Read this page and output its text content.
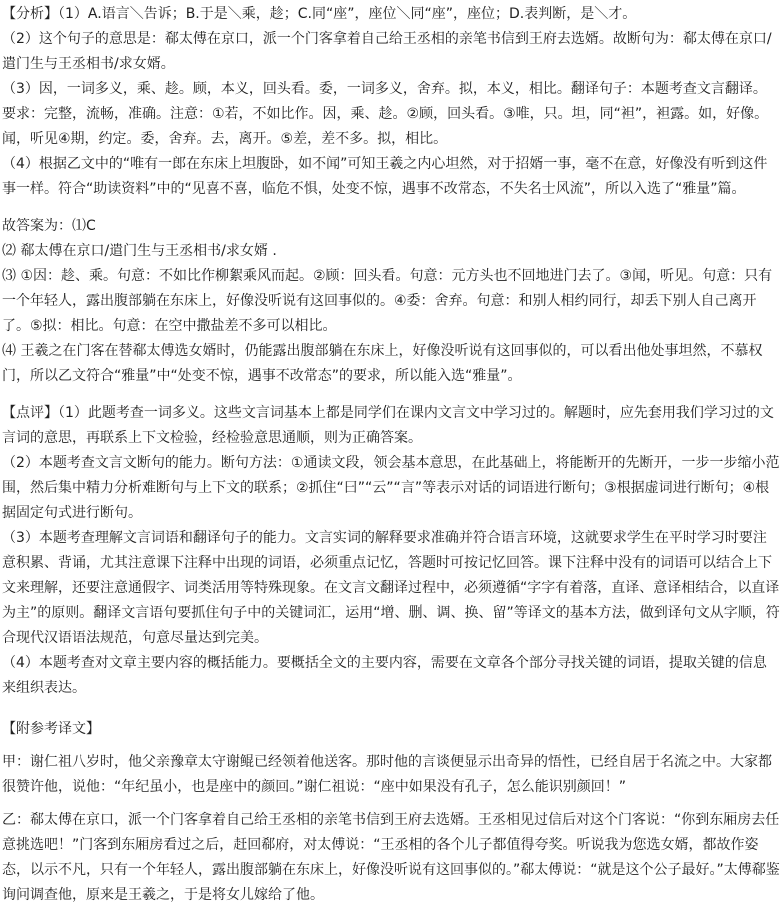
【分析】（1）A.语言＼告诉；B.于是＼乘，趁；C.同“座”，座位＼同“座”，座位；D.表判断，是＼才。

（2）这个句子的意思是：郗太傅在京口，派一个门客拿着自己给王丞相的亲笔书信到王府去选婿。故断句为：郗太傅在京口/遣门生与王丞相书/求女婿。

（3）因，一词多义，乘、趁。顾，本义，回头看。委，一词多义，舍弃。拟，本义，相比。翻译句子：本题考查文言翻译。要求：完整，流畅，准确。注意：①若，不如比作。因，乘、趁。②顾，回头看。③唯，只。坦，同“袒”，袒露。如，好像。闻，听见④期，约定。委，舍弃。去，离开。⑤差，差不多。拟，相比。

（4）根据乙文中的“唯有一郎在东床上坦腹卧，如不闻”可知王羲之内心坦然，对于招婿一事，毫不在意，好像没有听到这件事一样。符合“助读资料”中的“见喜不喜，临危不惧，处变不惊，遇事不改常态，不失名士风流”，所以入选了“雅量”篇。

故答案为：⑴C

⑵ 郗太傅在京口/遣门生与王丞相书/求女婿 .

⑶ ①因：趁、乘。句意：不如比作柳絮乘风而起。②顾：回头看。句意：元方头也不回地进门去了。③闻，听见。句意：只有一个年轻人，露出腹部躺在东床上，好像没听说有这回事似的。④委：舍弃。句意：和别人相约同行，却丢下别人自己离开了。⑤拟：相比。句意：在空中撒盐差不多可以相比。

⑷ 王羲之在门客在替郗太傅选女婿时，仍能露出腹部躺在东床上，好像没听说有这回事似的，可以看出他处事坦然，不慕权门，所以乙文符合“雅量”中“处变不惊，遇事不改常态”的要求，所以能入选“雅量”。

【点评】（1）此题考查一词多义。这些文言词基本上都是同学们在课内文言文中学习过的。解题时，应先套用我们学习过的文言词的意思，再联系上下文检验，经检验意思通顺，则为正确答案。

（2）本题考查文言文断句的能力。断句方法：①通读文段，领会基本意思，在此基础上，将能断开的先断开，一步一步缩小范围，然后集中精力分析难断句与上下文的联系；②抓住“曰”“云”“言”等表示对话的词语进行断句；③根据虚词进行断句；④根据固定句式进行断句。

（3）本题考查理解文言词语和翻译句子的能力。文言实词的解释要求准确并符合语言环境，这就要求学生在平时学习时要注意积累、背诵，尤其注意课下注释中出现的词语，必须重点记忆，答题时可按记忆回答。课下注释中没有的词语可以结合上下文来理解，还要注意通假字、词类活用等特殊现象。在文言文翻译过程中，必须遵循“字字有着落，直译、意译相结合，以直译为主”的原则。翻译文言语句要抓住句子中的关键词汇，运用“增、删、调、换、留”等译文的基本方法，做到译句文从字顺，符合现代汉语语法规范，句意尽量达到完美。

（4）本题考查对文章主要内容的概括能力。要概括全文的主要内容，需要在文章各个部分寻找关键的词语，提取关键的信息来组织表达。

【附参考译文】

甲：谢仁祖八岁时，他父亲豫章太守谢鲲已经领着他送客。那时他的言谈便显示出奇异的悟性，已经自居于名流之中。大家都很赞许他，说他：“年纪虽小，也是座中的颜回。”谢仁祖说：“座中如果没有孔子，怎么能识别颜回！”

乙：郗太傅在京口，派一个门客拿着自己给王丞相的亲笔书信到王府去选婿。王丞相见过信后对这个门客说：“你到东厢房去任意挑选吧！”门客到东厢房看过之后，赶回郗府，对太傅说：“王丞相的各个儿子都值得夸奖。听说我为您选女婿，都故作姿态，以示不凡，只有一个年轻人，露出腹部躺在东床上，好像没听说有这回事似的。”郗太傅说：“就是这个公子最好。”太傅郗鉴询问调查他，原来是王羲之，于是将女儿嫁给了他。
